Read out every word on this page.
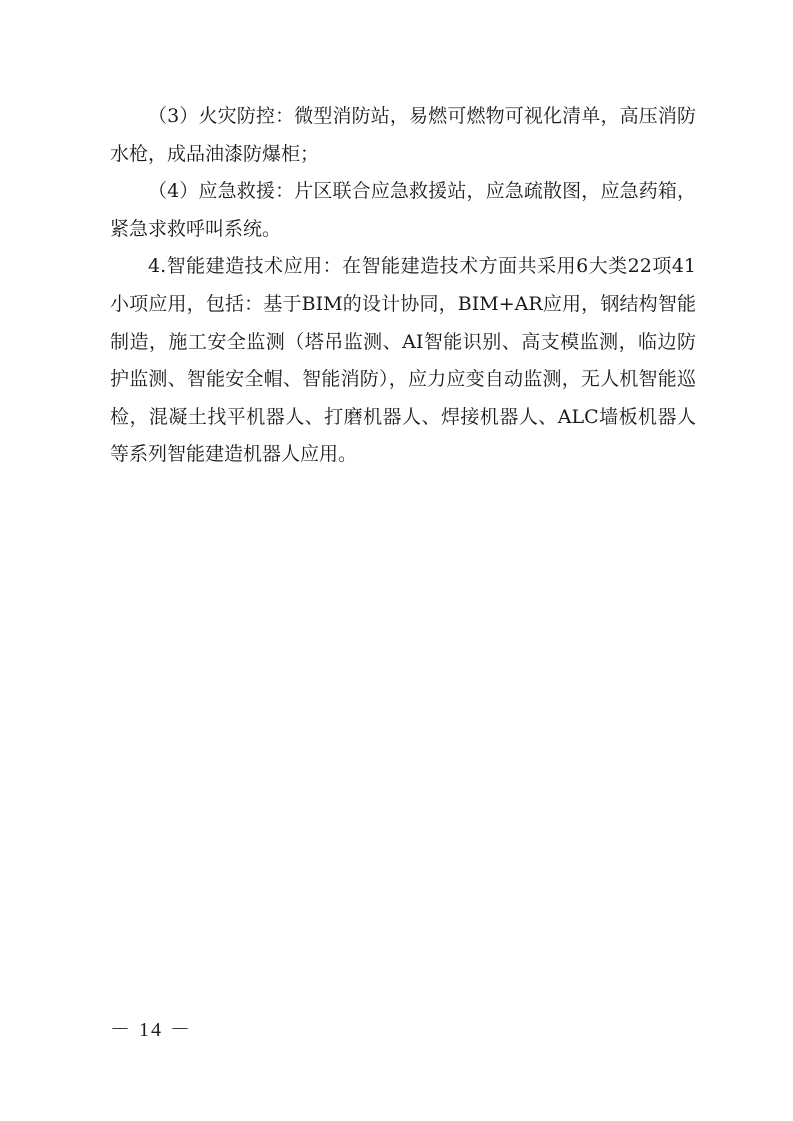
（3）火灾防控：微型消防站，易燃可燃物可视化清单，高压消防水枪，成品油漆防爆柜；

（4）应急救援：片区联合应急救援站，应急疏散图，应急药箱，紧急求救呼叫系统。

4.智能建造技术应用：在智能建造技术方面共采用6大类22项41小项应用，包括：基于BIM的设计协同，BIM+AR应用，钢结构智能制造，施工安全监测（塔吊监测、AI智能识别、高支模监测，临边防护监测、智能安全帽、智能消防），应力应变自动监测，无人机智能巡检，混凝土找平机器人、打磨机器人、焊接机器人、ALC墙板机器人等系列智能建造机器人应用。

－ 14 －
